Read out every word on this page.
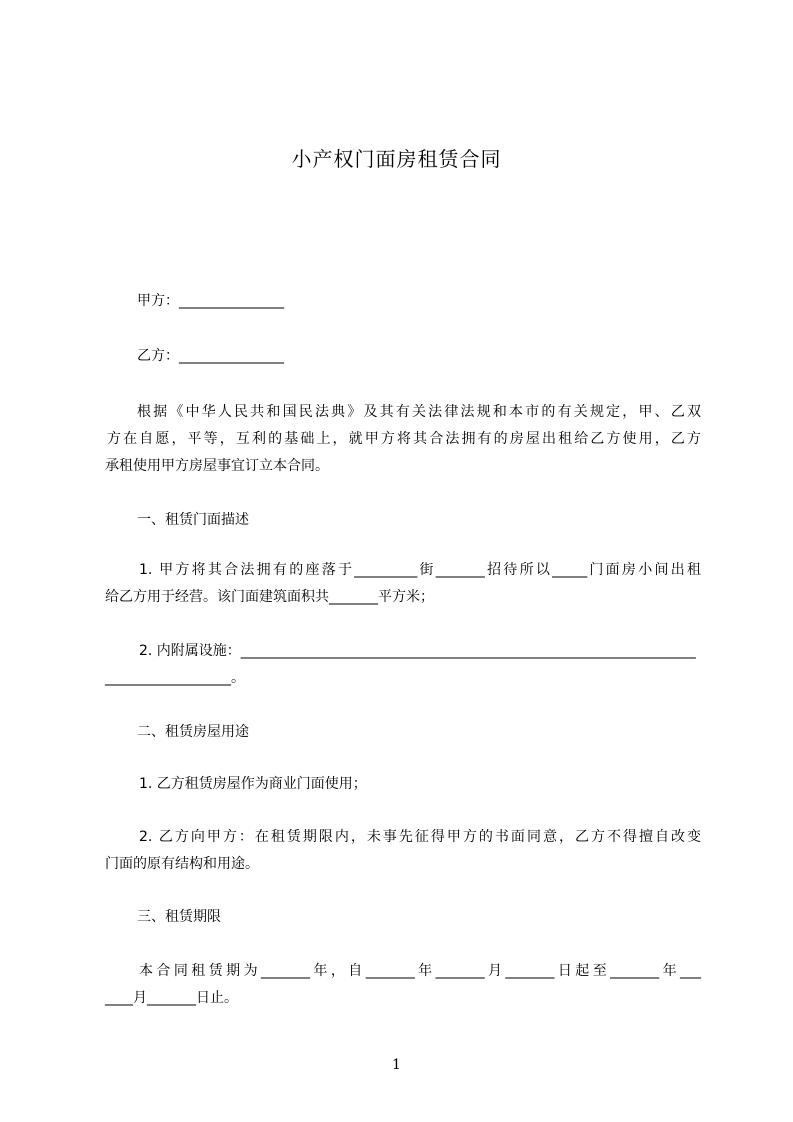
小产权门面房租赁合同
甲方：_______________
乙方：_______________
根据《中华人民共和国民法典》及其有关法律法规和本市的有关规定，甲、乙双
方在自愿，平等，互利的基础上，就甲方将其合法拥有的房屋出租给乙方使用，乙方
承租使用甲方房屋事宜订立本合同。
一、租赁门面描述
1. 甲方将其合法拥有的座落于_________街_______招待所以_____门面房小间出租
给乙方用于经营。该门面建筑面积共_______平方米；
2. 内附属设施：_________________________________________________________________
__________________。
二、租赁房屋用途
1. 乙方租赁房屋作为商业门面使用；
2. 乙方向甲方：在租赁期限内，未事先征得甲方的书面同意，乙方不得擅自改变
门面的原有结构和用途。
三、租赁期限
本合同租赁期为_______年，自_______年_______月_______日起至_______年___
____月_______日止。
1
